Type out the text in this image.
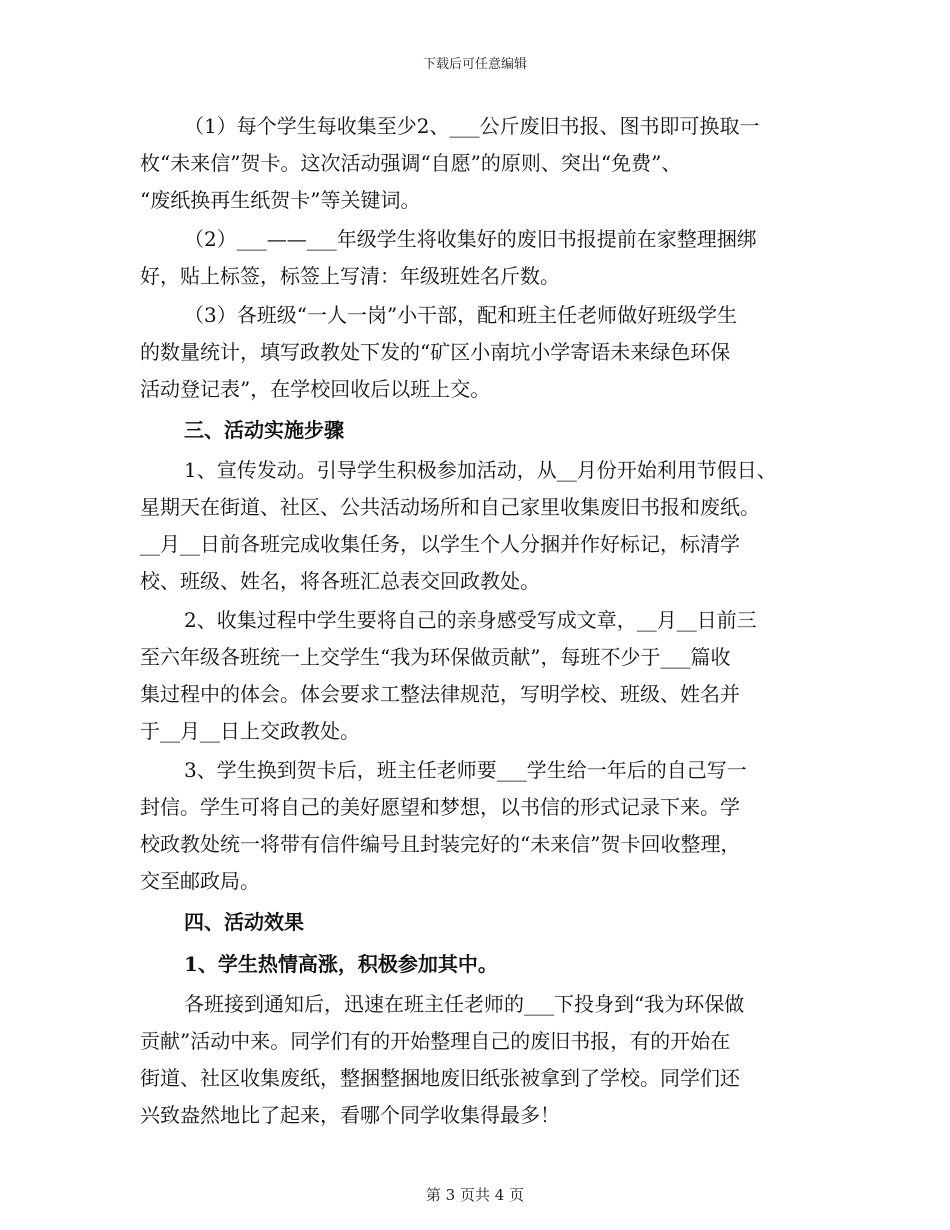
下载后可任意编辑
（1）每个学生每收集至少2、___公斤废旧书报、图书即可换取一
枚“未来信”贺卡。这次活动强调“自愿”的原则、突出“免费”、
“废纸换再生纸贺卡”等关键词。
（2）___——___年级学生将收集好的废旧书报提前在家整理捆绑
好，贴上标签，标签上写清：年级班姓名斤数。
（3）各班级“一人一岗”小干部，配和班主任老师做好班级学生
的数量统计，填写政教处下发的“矿区小南坑小学寄语未来绿色环保
活动登记表”，在学校回收后以班上交。
三、活动实施步骤
1、宣传发动。引导学生积极参加活动，从__月份开始利用节假日、
星期天在街道、社区、公共活动场所和自己家里收集废旧书报和废纸。
__月__日前各班完成收集任务，以学生个人分捆并作好标记，标清学
校、班级、姓名，将各班汇总表交回政教处。
2、收集过程中学生要将自己的亲身感受写成文章，__月__日前三
至六年级各班统一上交学生“我为环保做贡献”，每班不少于___篇收
集过程中的体会。体会要求工整法律规范，写明学校、班级、姓名并
于__月__日上交政教处。
3、学生换到贺卡后，班主任老师要___学生给一年后的自己写一
封信。学生可将自己的美好愿望和梦想，以书信的形式记录下来。学
校政教处统一将带有信件编号且封装完好的“未来信”贺卡回收整理，
交至邮政局。
四、活动效果
1、学生热情高涨，积极参加其中。
各班接到通知后，迅速在班主任老师的___下投身到“我为环保做
贡献”活动中来。同学们有的开始整理自己的废旧书报，有的开始在
街道、社区收集废纸，整捆整捆地废旧纸张被拿到了学校。同学们还
兴致盎然地比了起来，看哪个同学收集得最多！
第 3 页共 4 页
